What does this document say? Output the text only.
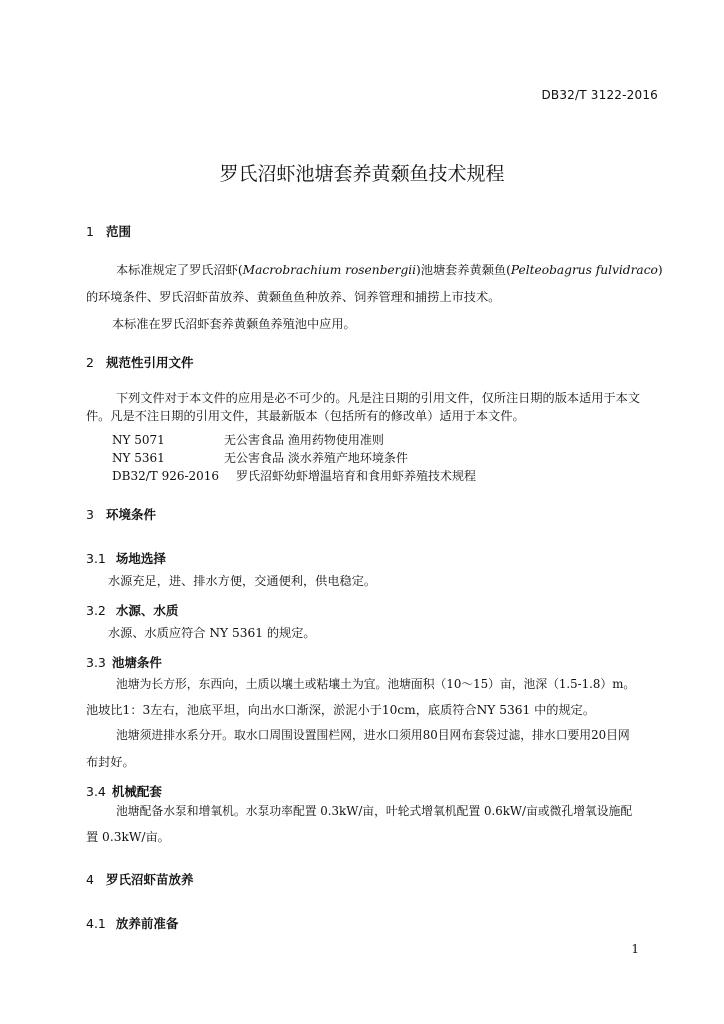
DB32/T 3122-2016
罗氏沼虾池塘套养黄颡鱼技术规程
1 范围
本标准规定了罗氏沼虾(Macrobrachium rosenbergii)池塘套养黄颡鱼(Pelteobagrus fulvidraco)
的环境条件、罗氏沼虾苗放养、黄颡鱼鱼种放养、饲养管理和捕捞上市技术。
本标准在罗氏沼虾套养黄颡鱼养殖池中应用。
2 规范性引用文件
下列文件对于本文件的应用是必不可少的。凡是注日期的引用文件，仅所注日期的版本适用于本文
件。凡是不注日期的引用文件，其最新版本（包括所有的修改单）适用于本文件。
NY 5071	无公害食品 渔用药物使用准则
NY 5361	无公害食品 淡水养殖产地环境条件
DB32/T 926-2016 罗氏沼虾幼虾增温培育和食用虾养殖技术规程
3 环境条件
3.1 场地选择
水源充足，进、排水方便，交通便利，供电稳定。
3.2 水源、水质
水源、水质应符合 NY 5361 的规定。
3.3 池塘条件
池塘为长方形，东西向，土质以壤土或粘壤土为宜。池塘面积（10～15）亩，池深（1.5-1.8）m。
池坡比1：3左右，池底平坦，向出水口渐深，淤泥小于10cm，底质符合NY 5361 中的规定。
池塘须进排水系分开。取水口周围设置围栏网，进水口须用80目网布套袋过滤，排水口要用20目网
布封好。
3.4 机械配套
池塘配备水泵和增氧机。水泵功率配置 0.3kW/亩，叶轮式增氧机配置 0.6kW/亩或微孔增氧设施配
置 0.3kW/亩。
4 罗氏沼虾苗放养
4.1 放养前准备
1
